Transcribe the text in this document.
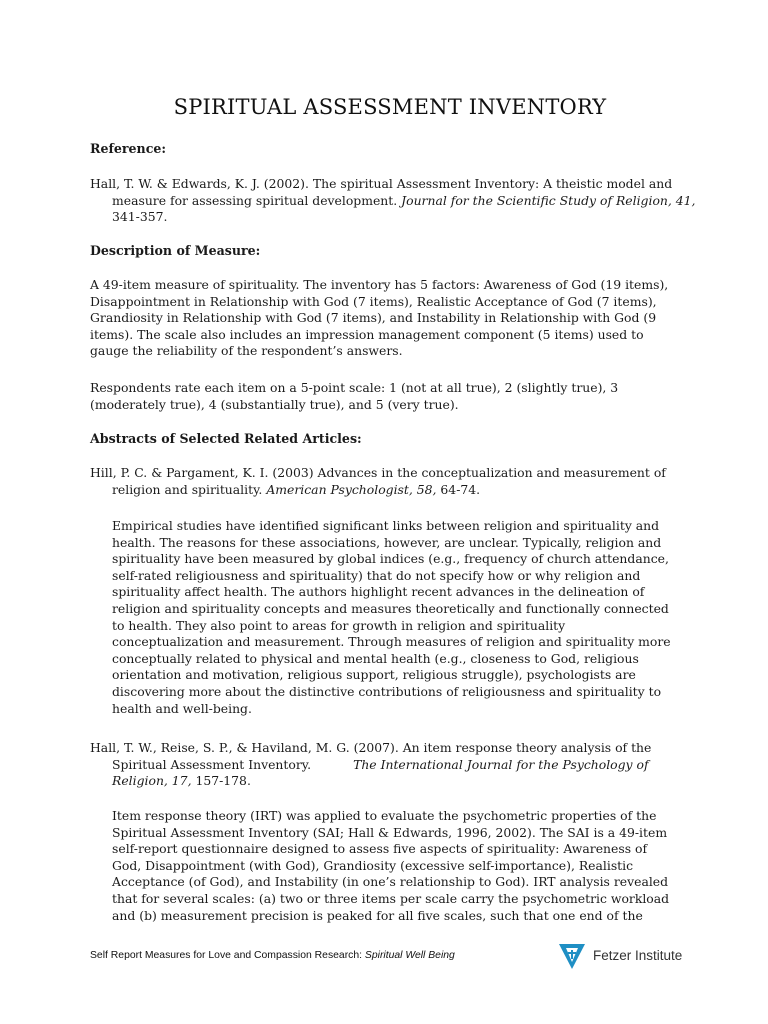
SPIRITUAL ASSESSMENT INVENTORY

Reference:

Hall, T. W. & Edwards, K. J. (2002). The spiritual Assessment Inventory: A theistic model and measure for assessing spiritual development. Journal for the Scientific Study of Religion, 41, 341-357.

Description of Measure:

A 49-item measure of spirituality. The inventory has 5 factors: Awareness of God (19 items), Disappointment in Relationship with God (7 items), Realistic Acceptance of God (7 items), Grandiosity in Relationship with God (7 items), and Instability in Relationship with God (9 items). The scale also includes an impression management component (5 items) used to gauge the reliability of the respondent’s answers.

Respondents rate each item on a 5-point scale: 1 (not at all true), 2 (slightly true), 3 (moderately true), 4 (substantially true), and 5 (very true).

Abstracts of Selected Related Articles:

Hill, P. C. & Pargament, K. I. (2003) Advances in the conceptualization and measurement of religion and spirituality. American Psychologist, 58, 64-74.

Empirical studies have identified significant links between religion and spirituality and health. The reasons for these associations, however, are unclear. Typically, religion and spirituality have been measured by global indices (e.g., frequency of church attendance, self-rated religiousness and spirituality) that do not specify how or why religion and spirituality affect health. The authors highlight recent advances in the delineation of religion and spirituality concepts and measures theoretically and functionally connected to health. They also point to areas for growth in religion and spirituality conceptualization and measurement. Through measures of religion and spirituality more conceptually related to physical and mental health (e.g., closeness to God, religious orientation and motivation, religious support, religious struggle), psychologists are discovering more about the distinctive contributions of religiousness and spirituality to health and well-being.

Hall, T. W., Reise, S. P., & Haviland, M. G. (2007). An item response theory analysis of the Spiritual Assessment Inventory.	The International Journal for the Psychology of Religion, 17, 157-178.

Item response theory (IRT) was applied to evaluate the psychometric properties of the Spiritual Assessment Inventory (SAI; Hall & Edwards, 1996, 2002). The SAI is a 49-item self-report questionnaire designed to assess five aspects of spirituality: Awareness of God, Disappointment (with God), Grandiosity (excessive self-importance), Realistic Acceptance (of God), and Instability (in one’s relationship to God). IRT analysis revealed that for several scales: (a) two or three items per scale carry the psychometric workload and (b) measurement precision is peaked for all five scales, such that one end of the

Self Report Measures for Love and Compassion Research: Spiritual Well Being	Fetzer Institute
